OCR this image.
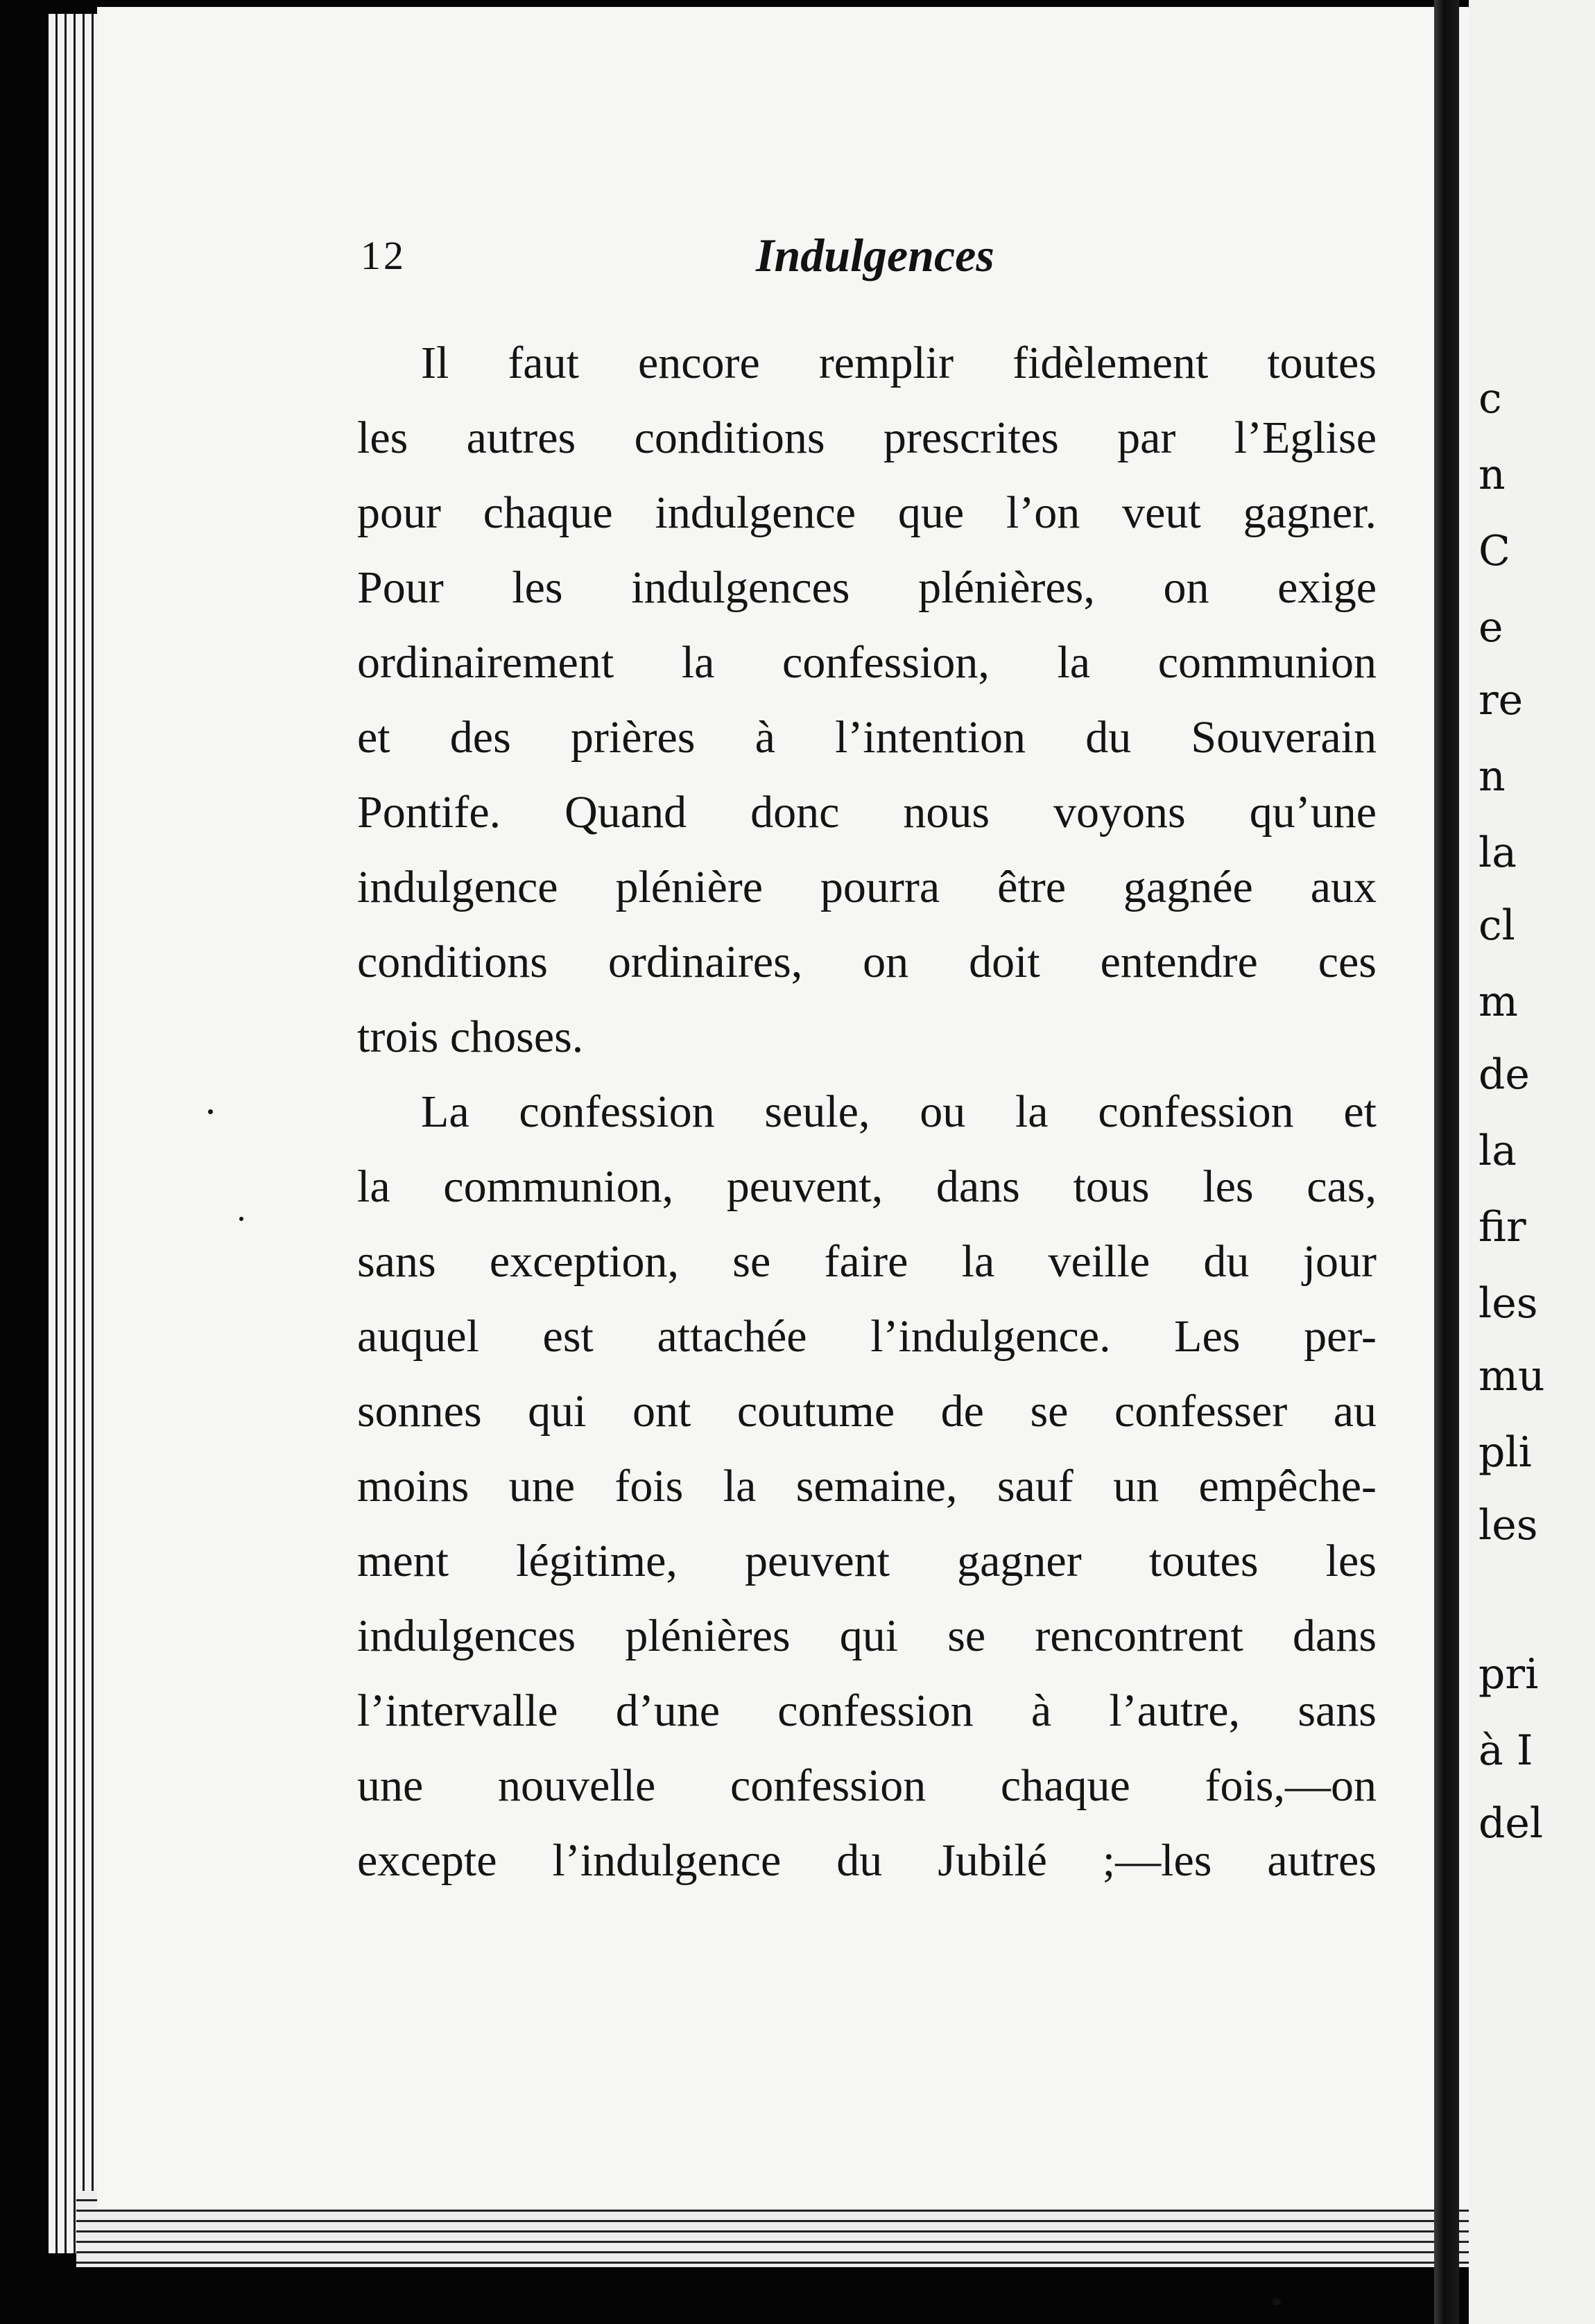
12	Indulgences
Il faut encore remplir fidèlement toutes
les autres conditions prescrites par l’Eglise
pour chaque indulgence que l’on veut gagner.
Pour les indulgences plénières, on exige
ordinairement la confession, la communion
et des prières à l’intention du Souverain
Pontife. Quand donc nous voyons qu’une
indulgence plénière pourra être gagnée aux
conditions ordinaires, on doit entendre ces
trois choses.
La confession seule, ou la confession et
la communion, peuvent, dans tous les cas,
sans exception, se faire la veille du jour
auquel est attachée l’indulgence. Les per-
sonnes qui ont coutume de se confesser au
moins une fois la semaine, sauf un empêche-
ment légitime, peuvent gagner toutes les
indulgences plénières qui se rencontrent dans
l’intervalle d’une confession à l’autre, sans
une nouvelle confession chaque fois,—on
excepte l’indulgence du Jubilé ;—les autres
c
n
C
e
re
n
la
cl
m
de
la
fir
les
mu
pli
les
pri
à I
del
